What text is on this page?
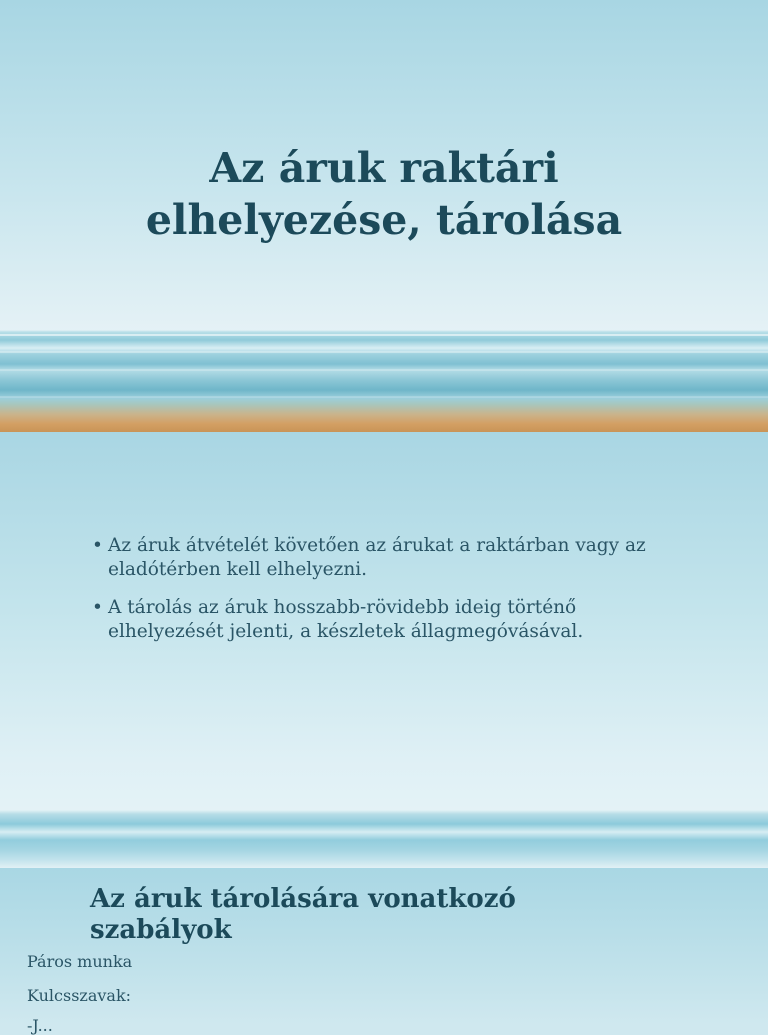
Az áruk raktári
elhelyezése, tárolása
• Az áruk átvételét követően az árukat a raktárban vagy az eladótérben kell elhelyezni.
• A tárolás az áruk hosszabb-rövidebb ideig történő elhelyezését jelenti, a készletek állagmegóvásával.
Az áruk tárolására vonatkozó szabályok
Páros munka
Kulcsszavak:
-J...
